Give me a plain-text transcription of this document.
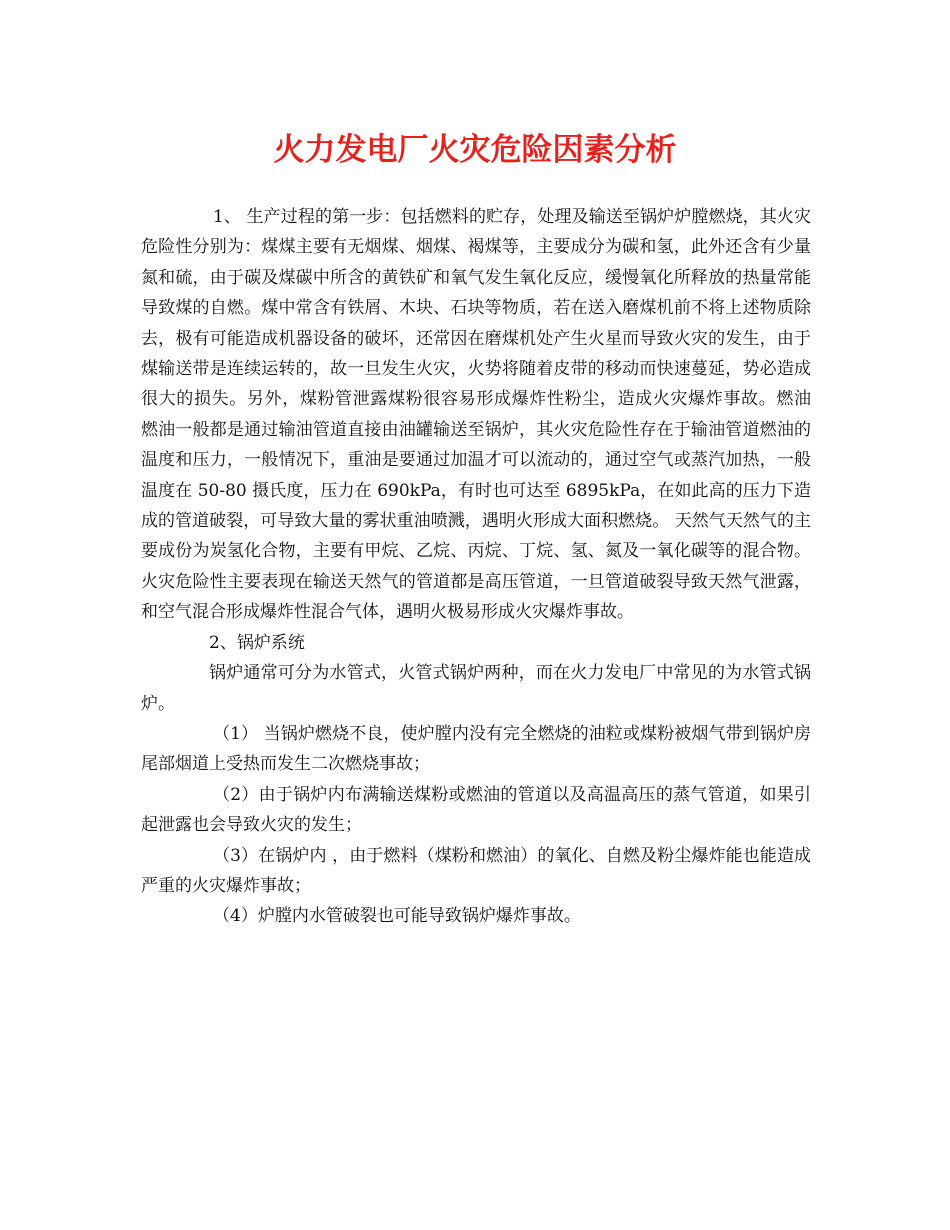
火力发电厂火灾危险因素分析

1、 生产过程的第一步：包括燃料的贮存，处理及输送至锅炉炉膛燃烧，其火灾危险性分别为：煤煤主要有无烟煤、烟煤、褐煤等，主要成分为碳和氢，此外还含有少量氮和硫，由于碳及煤碳中所含的黄铁矿和氧气发生氧化反应，缓慢氧化所释放的热量常能导致煤的自燃。煤中常含有铁屑、木块、石块等物质，若在送入磨煤机前不将上述物质除去，极有可能造成机器设备的破坏，还常因在磨煤机处产生火星而导致火灾的发生，由于煤输送带是连续运转的，故一旦发生火灾，火势将随着皮带的移动而快速蔓延，势必造成很大的损失。另外，煤粉管泄露煤粉很容易形成爆炸性粉尘，造成火灾爆炸事故。燃油　　燃油一般都是通过输油管道直接由油罐输送至锅炉，其火灾危险性存在于输油管道燃油的温度和压力，一般情况下，重油是要通过加温才可以流动的，通过空气或蒸汽加热，一般温度在 50-80 摄氏度，压力在 690kPa，有时也可达至 6895kPa，在如此高的压力下造成的管道破裂，可导致大量的雾状重油喷溅，遇明火形成大面积燃烧。 天然气天然气的主要成份为炭氢化合物，主要有甲烷、乙烷、丙烷、丁烷、氢、氮及一氧化碳等的混合物。火灾危险性主要表现在输送天然气的管道都是高压管道，一旦管道破裂导致天然气泄露，和空气混合形成爆炸性混合气体，遇明火极易形成火灾爆炸事故。

2、锅炉系统

锅炉通常可分为水管式，火管式锅炉两种，而在火力发电厂中常见的为水管式锅炉。

（1） 当锅炉燃烧不良，使炉膛内没有完全燃烧的油粒或煤粉被烟气带到锅炉房尾部烟道上受热而发生二次燃烧事故；

（2）由于锅炉内布满输送煤粉或燃油的管道以及高温高压的蒸气管道，如果引起泄露也会导致火灾的发生；

（3）在锅炉内 ，由于燃料（煤粉和燃油）的氧化、自燃及粉尘爆炸能也能造成严重的火灾爆炸事故；

（4）炉膛内水管破裂也可能导致锅炉爆炸事故。
